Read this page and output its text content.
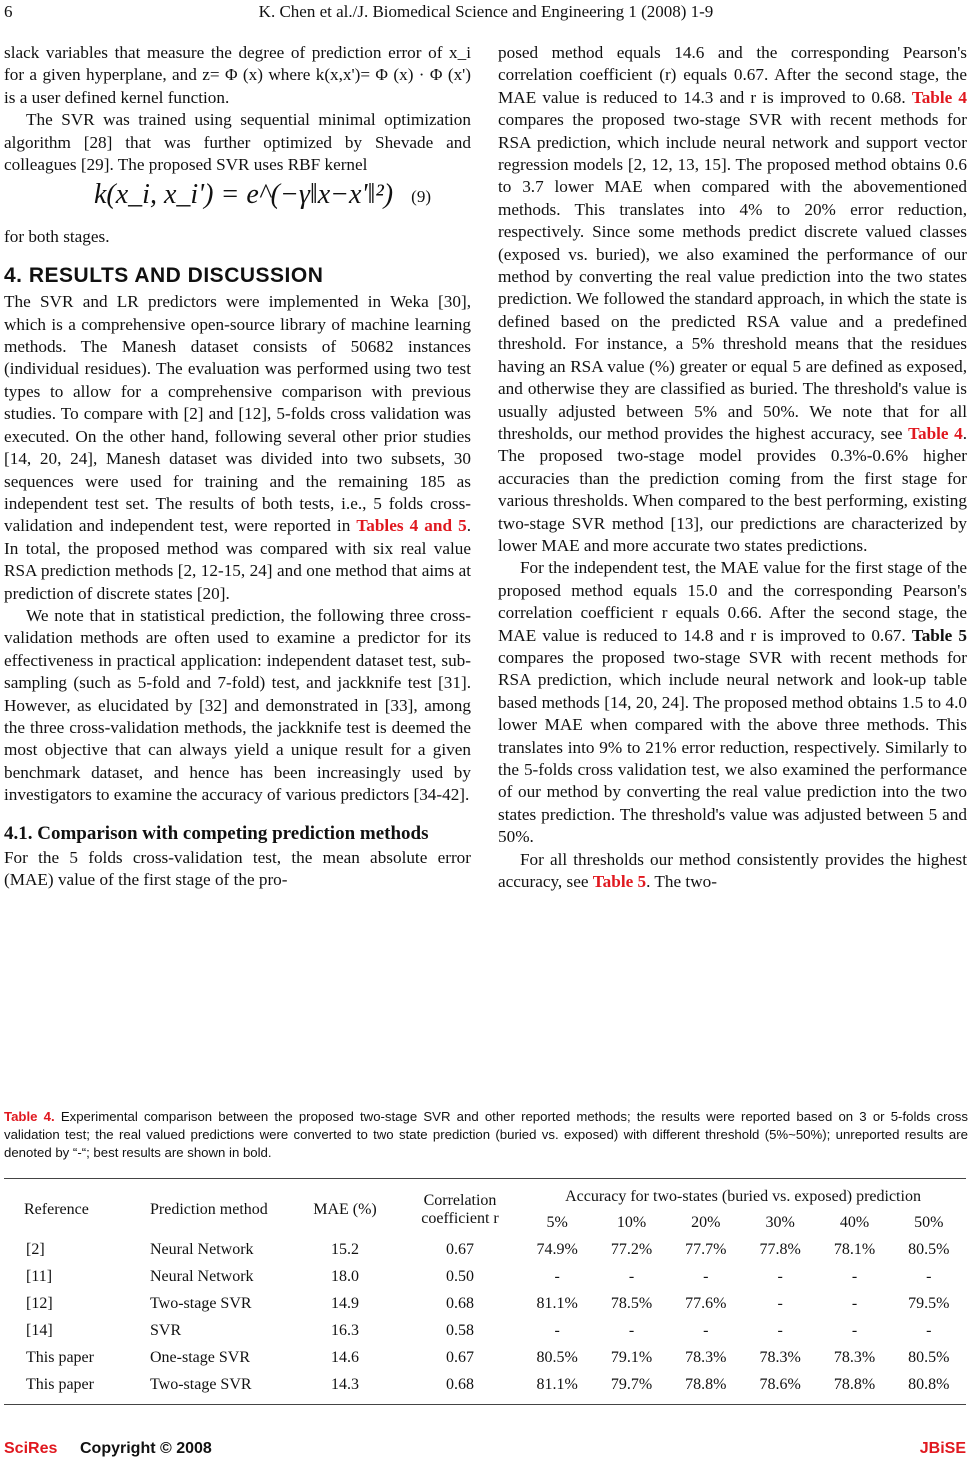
6	K. Chen et al./J. Biomedical Science and Engineering 1 (2008) 1-9

slack variables that measure the degree of prediction error of x_i for a given hyperplane, and z= Φ (x) where k(x,x')= Φ (x) · Φ (x') is a user defined kernel function.

The SVR was trained using sequential minimal optimization algorithm [28] that was further optimized by Shevade and colleagues [29]. The proposed SVR uses RBF kernel

k(x_i, x_i') = e^(−γ‖x−x'‖²) (9)

for both stages.

4. RESULTS AND DISCUSSION

The SVR and LR predictors were implemented in Weka [30], which is a comprehensive open-source library of machine learning methods. The Manesh dataset consists of 50682 instances (individual residues). The evaluation was performed using two test types to allow for a comprehensive comparison with previous studies. To compare with [2] and [12], 5-folds cross validation was executed. On the other hand, following several other prior studies [14, 20, 24], Manesh dataset was divided into two subsets, 30 sequences were used for training and the remaining 185 as independent test set. The results of both tests, i.e., 5 folds cross-validation and independent test, were reported in Tables 4 and 5. In total, the proposed method was compared with six real value RSA prediction methods [2, 12-15, 24] and one method that aims at prediction of discrete states [20].

We note that in statistical prediction, the following three cross-validation methods are often used to examine a predictor for its effectiveness in practical application: independent dataset test, sub-sampling (such as 5-fold and 7-fold) test, and jackknife test [31]. However, as elucidated by [32] and demonstrated in [33], among the three cross-validation methods, the jackknife test is deemed the most objective that can always yield a unique result for a given benchmark dataset, and hence has been increasingly used by investigators to examine the accuracy of various predictors [34-42].

4.1. Comparison with competing prediction methods

For the 5 folds cross-validation test, the mean absolute error (MAE) value of the first stage of the pro-

posed method equals 14.6 and the corresponding Pearson's correlation coefficient (r) equals 0.67. After the second stage, the MAE value is reduced to 14.3 and r is improved to 0.68. Table 4 compares the proposed two-stage SVR with recent methods for RSA prediction, which include neural network and support vector regression models [2, 12, 13, 15]. The proposed method obtains 0.6 to 3.7 lower MAE when compared with the abovementioned methods. This translates into 4% to 20% error reduction, respectively. Since some methods predict discrete valued classes (exposed vs. buried), we also examined the performance of our method by converting the real value prediction into the two states prediction. We followed the standard approach, in which the state is defined based on the predicted RSA value and a predefined threshold. For instance, a 5% threshold means that the residues having an RSA value (%) greater or equal 5 are defined as exposed, and otherwise they are classified as buried. The threshold's value is usually adjusted between 5% and 50%. We note that for all thresholds, our method provides the highest accuracy, see Table 4. The proposed two-stage model provides 0.3%-0.6% higher accuracies than the prediction coming from the first stage for various thresholds. When compared to the best performing, existing two-stage SVR method [13], our predictions are characterized by lower MAE and more accurate two states predictions.

For the independent test, the MAE value for the first stage of the proposed method equals 15.0 and the corresponding Pearson's correlation coefficient r equals 0.66. After the second stage, the MAE value is reduced to 14.8 and r is improved to 0.67. Table 5 compares the proposed two-stage SVR with recent methods for RSA prediction, which include neural network and look-up table based methods [14, 20, 24]. The proposed method obtains 1.5 to 4.0 lower MAE when compared with the above three methods. This translates into 9% to 21% error reduction, respectively. Similarly to the 5-folds cross validation test, we also examined the performance of our method by converting the real value prediction into the two states prediction. The threshold's value was adjusted between 5 and 50%.

For all thresholds our method consistently provides the highest accuracy, see Table 5. The two-

Table 4. Experimental comparison between the proposed two-stage SVR and other reported methods; the results were reported based on 3 or 5-folds cross validation test; the real valued predictions were converted to two state prediction (buried vs. exposed) with different threshold (5%~50%); unreported results are denoted by “-“; best results are shown in bold.
Reference	Prediction method	MAE (%)	Correlation coefficient r	Accuracy for two-states (buried vs. exposed) prediction					
				5%	10%	20%	30%	40%	50%
[2]	Neural Network	15.2	0.67	74.9%	77.2%	77.7%	77.8%	78.1%	80.5%
[11]	Neural Network	18.0	0.50	-	-	-	-	-	-
[12]	Two-stage SVR	14.9	0.68	81.1%	78.5%	77.6%	-	-	79.5%
[14]	SVR	16.3	0.58	-	-	-	-	-	-
This paper	One-stage SVR	14.6	0.67	80.5%	79.1%	78.3%	78.3%	78.3%	80.5%
This paper	Two-stage SVR	14.3	0.68	81.1%	79.7%	78.8%	78.6%	78.8%	80.8%
SciRes Copyright © 2008	JBiSE
